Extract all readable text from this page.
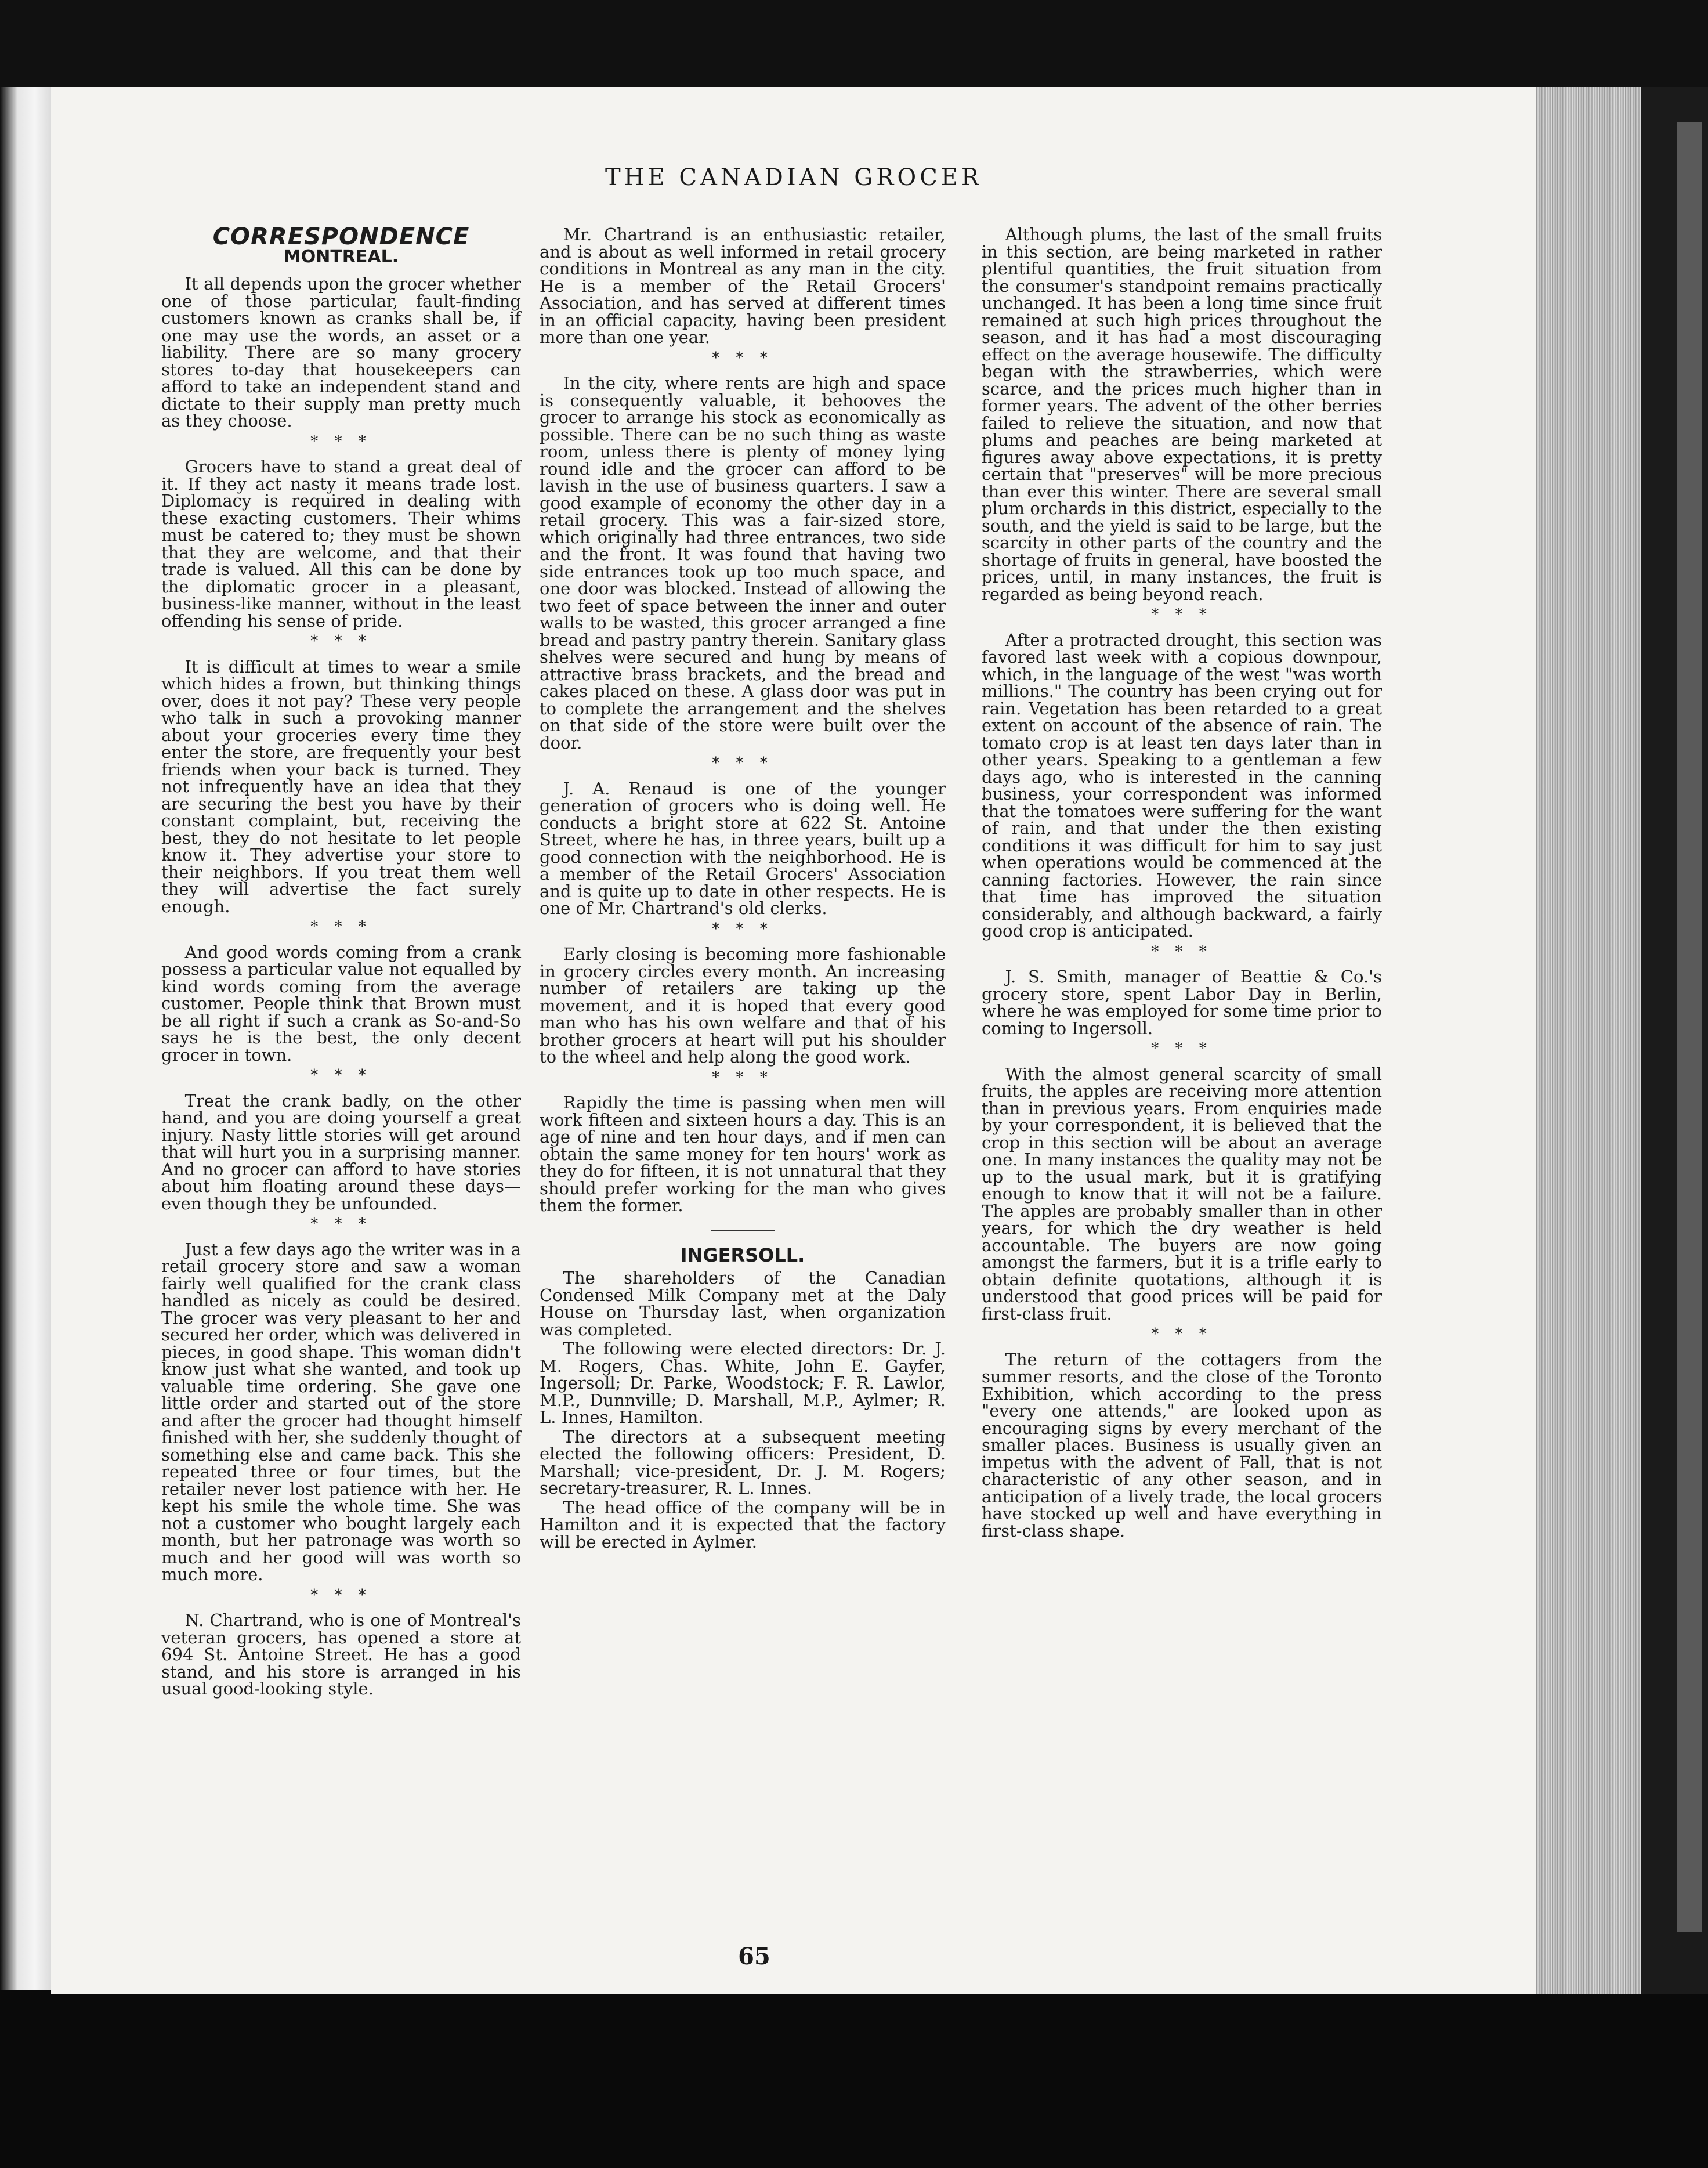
THE CANADIAN GROCER
CORRESPONDENCE
MONTREAL.

It all depends upon the grocer whether one of those particular, fault-finding customers known as cranks shall be, if one may use the words, an asset or a liability. There are so many grocery stores to-day that housekeepers can afford to take an independent stand and dictate to their supply man pretty much as they choose.

* * *

Grocers have to stand a great deal of it. If they act nasty it means trade lost. Diplomacy is required in dealing with these exacting customers. Their whims must be catered to; they must be shown that they are welcome, and that their trade is valued. All this can be done by the diplomatic grocer in a pleasant, business-like manner, without in the least offending his sense of pride.

* * *

It is difficult at times to wear a smile which hides a frown, but thinking things over, does it not pay? These very people who talk in such a provoking manner about your groceries every time they enter the store, are frequently your best friends when your back is turned. They not infrequently have an idea that they are securing the best you have by their constant complaint, but, receiving the best, they do not hesitate to let people know it. They advertise your store to their neighbors. If you treat them well they will advertise the fact surely enough.

* * *

And good words coming from a crank possess a particular value not equalled by kind words coming from the average customer. People think that Brown must be all right if such a crank as So-and-So says he is the best, the only decent grocer in town.

* * *

Treat the crank badly, on the other hand, and you are doing yourself a great injury. Nasty little stories will get around that will hurt you in a surprising manner. And no grocer can afford to have stories about him floating around these days—even though they be unfounded.

* * *

Just a few days ago the writer was in a retail grocery store and saw a woman fairly well qualified for the crank class handled as nicely as could be desired. The grocer was very pleasant to her and secured her order, which was delivered in pieces, in good shape. This woman didn't know just what she wanted, and took up valuable time ordering. She gave one little order and started out of the store and after the grocer had thought himself finished with her, she suddenly thought of something else and came back. This she repeated three or four times, but the retailer never lost patience with her. He kept his smile the whole time. She was not a customer who bought largely each month, but her patronage was worth so much and her good will was worth so much more.

* * *

N. Chartrand, who is one of Montreal's veteran grocers, has opened a store at 694 St. Antoine Street. He has a good stand, and his store is arranged in his usual good-looking style.

Mr. Chartrand is an enthusiastic retailer, and is about as well informed in retail grocery conditions in Montreal as any man in the city. He is a member of the Retail Grocers' Association, and has served at different times in an official capacity, having been president more than one year.

* * *

In the city, where rents are high and space is consequently valuable, it behooves the grocer to arrange his stock as economically as possible. There can be no such thing as waste room, unless there is plenty of money lying round idle and the grocer can afford to be lavish in the use of business quarters. I saw a good example of economy the other day in a retail grocery. This was a fair-sized store, which originally had three entrances, two side and the front. It was found that having two side entrances took up too much space, and one door was blocked. Instead of allowing the two feet of space between the inner and outer walls to be wasted, this grocer arranged a fine bread and pastry pantry therein. Sanitary glass shelves were secured and hung by means of attractive brass brackets, and the bread and cakes placed on these. A glass door was put in to complete the arrangement and the shelves on that side of the store were built over the door.

* * *

J. A. Renaud is one of the younger generation of grocers who is doing well. He conducts a bright store at 622 St. Antoine Street, where he has, in three years, built up a good connection with the neighborhood. He is a member of the Retail Grocers' Association and is quite up to date in other respects. He is one of Mr. Chartrand's old clerks.

* * *

Early closing is becoming more fashionable in grocery circles every month. An increasing number of retailers are taking up the movement, and it is hoped that every good man who has his own welfare and that of his brother grocers at heart will put his shoulder to the wheel and help along the good work.

* * *

Rapidly the time is passing when men will work fifteen and sixteen hours a day. This is an age of nine and ten hour days, and if men can obtain the same money for ten hours' work as they do for fifteen, it is not unnatural that they should prefer working for the man who gives them the former.

INGERSOLL.

The shareholders of the Canadian Condensed Milk Company met at the Daly House on Thursday last, when organization was completed.

The following were elected directors: Dr. J. M. Rogers, Chas. White, John E. Gayfer, Ingersoll; Dr. Parke, Woodstock; F. R. Lawlor, M.P., Dunnville; D. Marshall, M.P., Aylmer; R. L. Innes, Hamilton.

The directors at a subsequent meeting elected the following officers: President, D. Marshall; vice-president, Dr. J. M. Rogers; secretary-treasurer, R. L. Innes.

The head office of the company will be in Hamilton and it is expected that the factory will be erected in Aylmer.

Although plums, the last of the small fruits in this section, are being marketed in rather plentiful quantities, the fruit situation from the consumer's standpoint remains practically unchanged. It has been a long time since fruit remained at such high prices throughout the season, and it has had a most discouraging effect on the average housewife. The difficulty began with the strawberries, which were scarce, and the prices much higher than in former years. The advent of the other berries failed to relieve the situation, and now that plums and peaches are being marketed at figures away above expectations, it is pretty certain that "preserves" will be more precious than ever this winter. There are several small plum orchards in this district, especially to the south, and the yield is said to be large, but the scarcity in other parts of the country and the shortage of fruits in general, have boosted the prices, until, in many instances, the fruit is regarded as being beyond reach.

* * *

After a protracted drought, this section was favored last week with a copious downpour, which, in the language of the west "was worth millions." The country has been crying out for rain. Vegetation has been retarded to a great extent on account of the absence of rain. The tomato crop is at least ten days later than in other years. Speaking to a gentleman a few days ago, who is interested in the canning business, your correspondent was informed that the tomatoes were suffering for the want of rain, and that under the then existing conditions it was difficult for him to say just when operations would be commenced at the canning factories. However, the rain since that time has improved the situation considerably, and although backward, a fairly good crop is anticipated.

* * *

J. S. Smith, manager of Beattie & Co.'s grocery store, spent Labor Day in Berlin, where he was employed for some time prior to coming to Ingersoll.

* * *

With the almost general scarcity of small fruits, the apples are receiving more attention than in previous years. From enquiries made by your correspondent, it is believed that the crop in this section will be about an average one. In many instances the quality may not be up to the usual mark, but it is gratifying enough to know that it will not be a failure. The apples are probably smaller than in other years, for which the dry weather is held accountable. The buyers are now going amongst the farmers, but it is a trifle early to obtain definite quotations, although it is understood that good prices will be paid for first-class fruit.

* * *

The return of the cottagers from the summer resorts, and the close of the Toronto Exhibition, which according to the press "every one attends," are looked upon as encouraging signs by every merchant of the smaller places. Business is usually given an impetus with the advent of Fall, that is not characteristic of any other season, and in anticipation of a lively trade, the local grocers have stocked up well and have everything in first-class shape.

65
